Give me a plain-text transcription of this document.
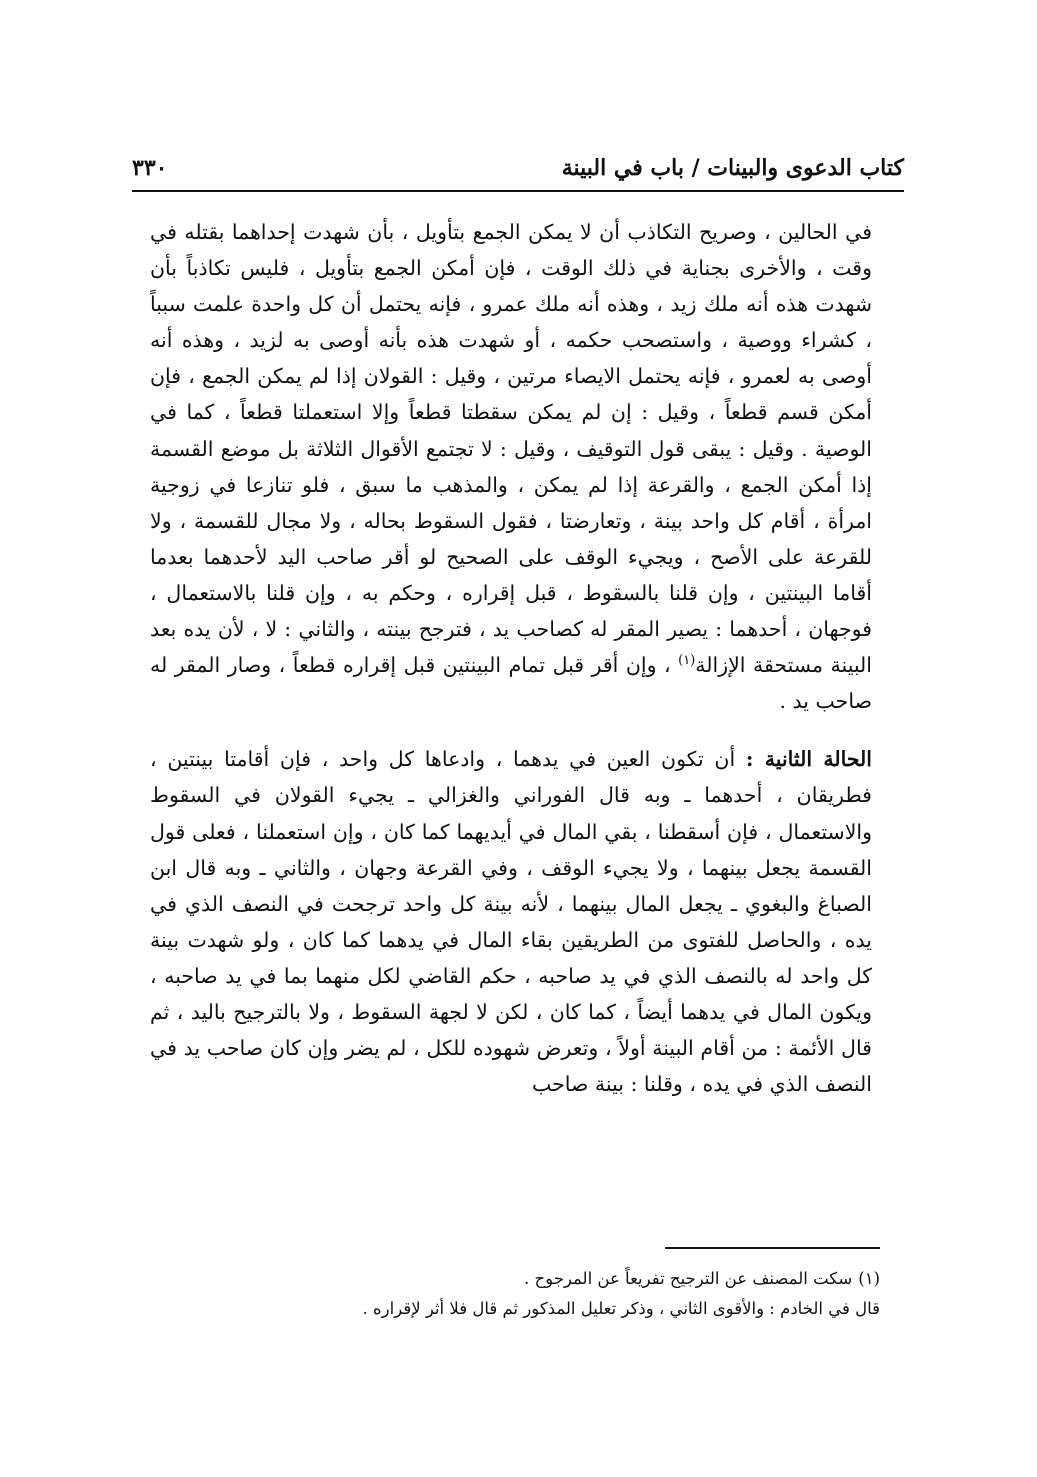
كتاب الدعوى والبينات / باب في البينة
٣٣٠

في الحالين ، وصريح التكاذب أن لا يمكن الجمع بتأويل ، بأن شهدت إحداهما بقتله في وقت ، والأخرى بجناية في ذلك الوقت ، فإن أمكن الجمع بتأويل ، فليس تكاذباً بأن شهدت هذه أنه ملك زيد ، وهذه أنه ملك عمرو ، فإنه يحتمل أن كل واحدة علمت سبباً ، كشراء ووصية ، واستصحب حكمه ، أو شهدت هذه بأنه أوصى به لزيد ، وهذه أنه أوصى به لعمرو ، فإنه يحتمل الايصاء مرتين ، وقيل : القولان إذا لم يمكن الجمع ، فإن أمكن قسم قطعاً ، وقيل : إن لم يمكن سقطتا قطعاً وإلا استعملتا قطعاً ، كما في الوصية . وقيل : يبقى قول التوقيف ، وقيل : لا تجتمع الأقوال الثلاثة بل موضع القسمة إذا أمكن الجمع ، والقرعة إذا لم يمكن ، والمذهب ما سبق ، فلو تنازعا في زوجية امرأة ، أقام كل واحد بينة ، وتعارضتا ، فقول السقوط بحاله ، ولا مجال للقسمة ، ولا للقرعة على الأصح ، ويجيء الوقف على الصحيح لو أقر صاحب اليد لأحدهما بعدما أقاما البينتين ، وإن قلنا بالسقوط ، قبل إقراره ، وحكم به ، وإن قلنا بالاستعمال ، فوجهان ، أحدهما : يصير المقر له كصاحب يد ، فترجح بينته ، والثاني : لا ، لأن يده بعد البينة مستحقة الإزالة$^{(١)}$ ، وإن أقر قبل تمام البينتين قبل إقراره قطعاً ، وصار المقر له صاحب يد .

الحالة الثانية : أن تكون العين في يدهما ، وادعاها كل واحد ، فإن أقامتا بينتين ، فطريقان ، أحدهما ـ وبه قال الفوراني والغزالي ـ يجيء القولان في السقوط والاستعمال ، فإن أسقطنا ، بقي المال في أيديهما كما كان ، وإن استعملنا ، فعلى قول القسمة يجعل بينهما ، ولا يجيء الوقف ، وفي القرعة وجهان ، والثاني ـ وبه قال ابن الصباغ والبغوي ـ يجعل المال بينهما ، لأنه بينة كل واحد ترجحت في النصف الذي في يده ، والحاصل للفتوى من الطريقين بقاء المال في يدهما كما كان ، ولو شهدت بينة كل واحد له بالنصف الذي في يد صاحبه ، حكم القاضي لكل منهما بما في يد صاحبه ، ويكون المال في يدهما أيضاً ، كما كان ، لكن لا لجهة السقوط ، ولا بالترجيح باليد ، ثم قال الأئمة : من أقام البينة أولاً ، وتعرض شهوده للكل ، لم يضر وإن كان صاحب يد في النصف الذي في يده ، وقلنا : بينة صاحب

(١)سكت المصنف عن الترجيح تفريعاً عن المرجوح .

قال في الخادم : والأقوى الثاني ، وذكر تعليل المذكور ثم قال فلا أثر لإقراره .
